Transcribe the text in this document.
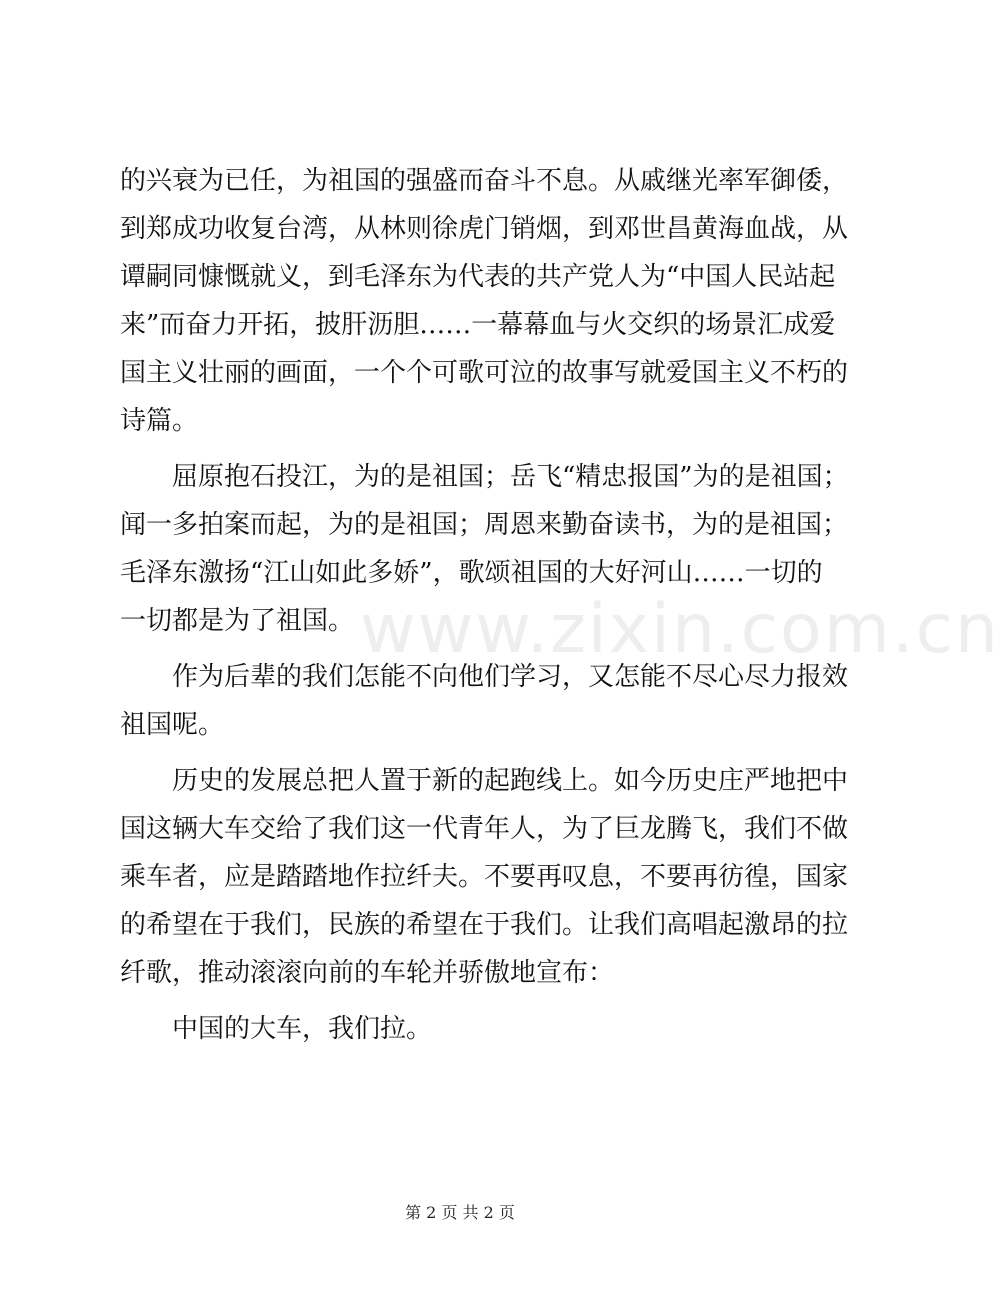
www.zixin.com.cn
的兴衰为已任，为祖国的强盛而奋斗不息。从戚继光率军御倭，
到郑成功收复台湾，从林则徐虎门销烟，到邓世昌黄海血战，从
谭嗣同慷慨就义，到毛泽东为代表的共产党人为“中国人民站起
来”而奋力开拓，披肝沥胆……一幕幕血与火交织的场景汇成爱
国主义壮丽的画面，一个个可歌可泣的故事写就爱国主义不朽的
诗篇。
屈原抱石投江，为的是祖国；岳飞“精忠报国”为的是祖国；
闻一多拍案而起，为的是祖国；周恩来勤奋读书，为的是祖国；
毛泽东激扬“江山如此多娇”，歌颂祖国的大好河山……一切的
一切都是为了祖国。
作为后辈的我们怎能不向他们学习，又怎能不尽心尽力报效
祖国呢。
历史的发展总把人置于新的起跑线上。如今历史庄严地把中
国这辆大车交给了我们这一代青年人，为了巨龙腾飞，我们不做
乘车者，应是踏踏地作拉纤夫。不要再叹息，不要再彷徨，国家
的希望在于我们，民族的希望在于我们。让我们高唱起激昂的拉
纤歌，推动滚滚向前的车轮并骄傲地宣布：
中国的大车，我们拉。
第 2 页 共 2 页
